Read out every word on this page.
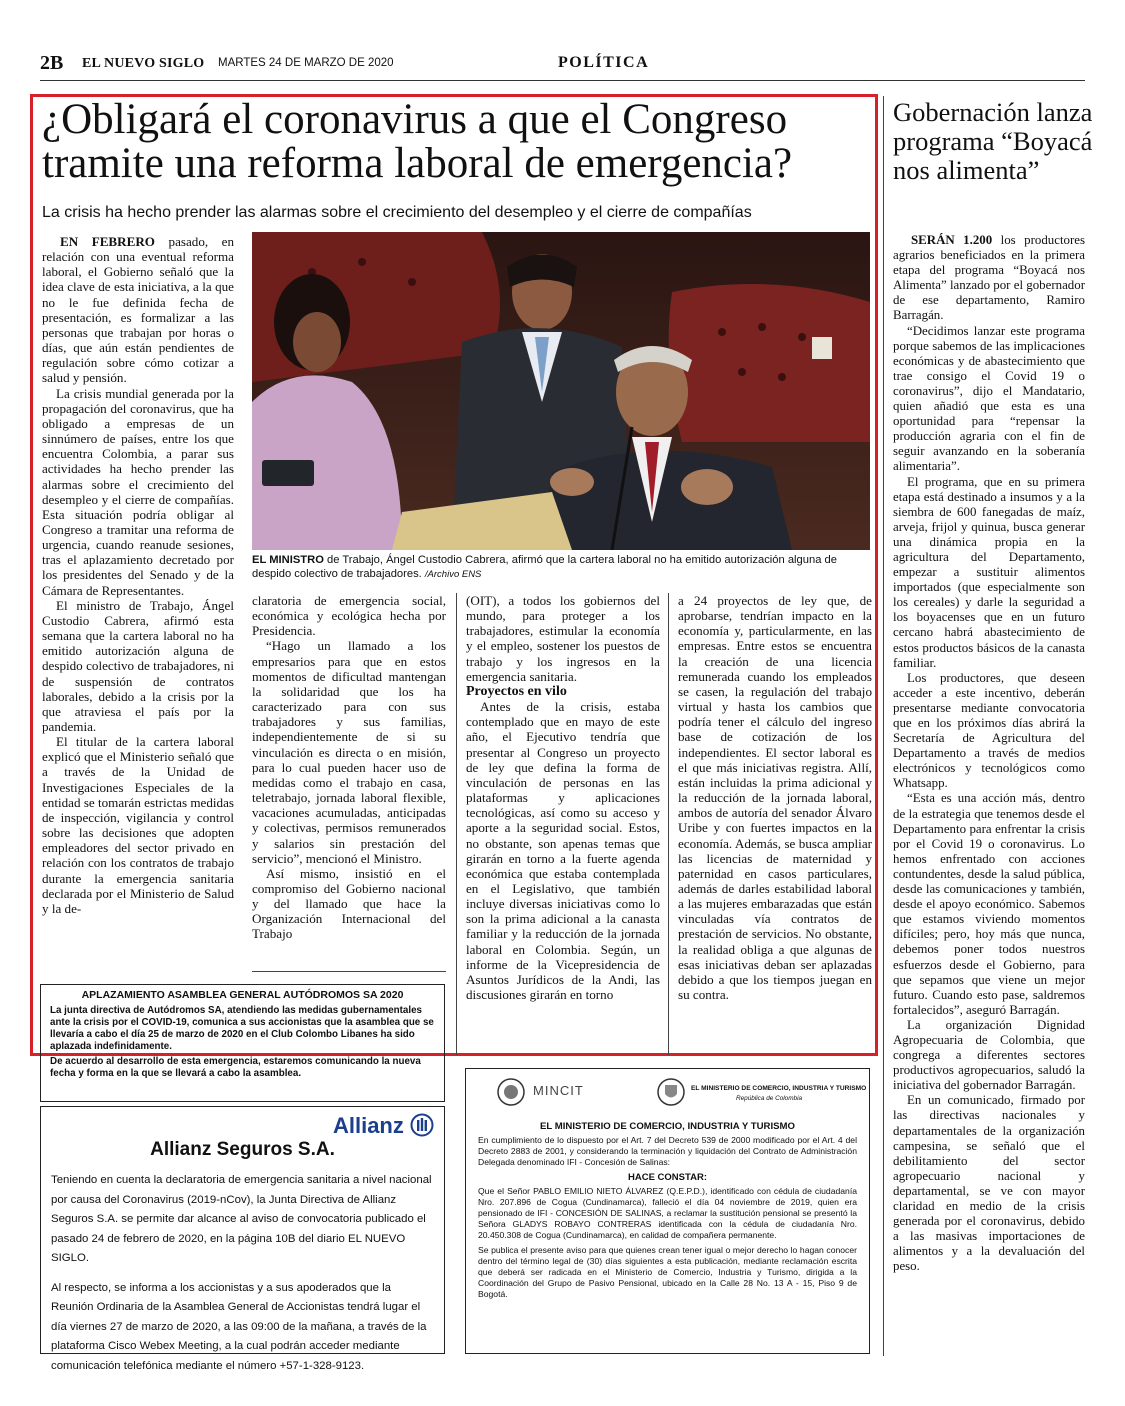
2B EL NUEVO SIGLO MARTES 24 DE MARZO DE 2020	POLÍTICA
¿Obligará el coronavirus a que el Congreso tramite una reforma laboral de emergencia?
La crisis ha hecho prender las alarmas sobre el crecimiento del desempleo y el cierre de compañías

EN FEBRERO pasado, en relación con una eventual reforma laboral, el Gobierno señaló que la idea clave de esta iniciativa, a la que no le fue definida fecha de presentación, es formalizar a las personas que trabajan por horas o días, que aún están pendientes de regulación sobre cómo cotizar a salud y pensión.

La crisis mundial generada por la propagación del coronavirus, que ha obligado a empresas de un sinnúmero de países, entre los que encuentra Colombia, a parar sus actividades ha hecho prender las alarmas sobre el crecimiento del desempleo y el cierre de compañías. Esta situación podría obligar al Congreso a tramitar una reforma de urgencia, cuando reanude sesiones, tras el aplazamiento decretado por los presidentes del Senado y de la Cámara de Representantes.

El ministro de Trabajo, Ángel Custodio Cabrera, afirmó esta semana que la cartera laboral no ha emitido autorización alguna de despido colectivo de trabajadores, ni de suspensión de contratos laborales, debido a la crisis por la que atraviesa el país por la pandemia.

El titular de la cartera laboral explicó que el Ministerio señaló que a través de la Unidad de Investigaciones Especiales de la entidad se tomarán estrictas medidas de inspección, vigilancia y control sobre las decisiones que adopten empleadores del sector privado en relación con los contratos de trabajo durante la emergencia sanitaria declarada por el Ministerio de Salud y la de-

EL MINISTRO de Trabajo, Ángel Custodio Cabrera, afirmó que la cartera laboral no ha emitido autorización alguna de despido colectivo de trabajadores. /Archivo ENS

claratoria de emergencia social, económica y ecológica hecha por Presidencia.

“Hago un llamado a los empresarios para que en estos momentos de dificultad mantengan la solidaridad que los ha caracterizado para con sus trabajadores y sus familias, independientemente de si su vinculación es directa o en misión, para lo cual pueden hacer uso de medidas como el trabajo en casa, teletrabajo, jornada laboral flexible, vacaciones acumuladas, anticipadas y colectivas, permisos remunerados y salarios sin prestación del servicio”, mencionó el Ministro.

Así mismo, insistió en el compromiso del Gobierno nacional y del llamado que hace la Organización Internacional del Trabajo

(OIT), a todos los gobiernos del mundo, para proteger a los trabajadores, estimular la economía y el empleo, sostener los puestos de trabajo y los ingresos en la emergencia sanitaria.

Proyectos en vilo

Antes de la crisis, estaba contemplado que en mayo de este año, el Ejecutivo tendría que presentar al Congreso un proyecto de ley que defina la forma de vinculación de personas en las plataformas y aplicaciones tecnológicas, así como su acceso y aporte a la seguridad social. Estos, no obstante, son apenas temas que girarán en torno a la fuerte agenda económica que estaba contemplada en el Legislativo, que también incluye diversas iniciativas como lo son la prima adicional a la canasta familiar y la reducción de la jornada laboral en Colombia. Según, un informe de la Vicepresidencia de Asuntos Jurídicos de la Andi, las discusiones girarán en torno

a 24 proyectos de ley que, de aprobarse, tendrían impacto en la economía y, particularmente, en las empresas. Entre estos se encuentra la creación de una licencia remunerada cuando los empleados se casen, la regulación del trabajo virtual y hasta los cambios que podría tener el cálculo del ingreso base de cotización de los independientes. El sector laboral es el que más iniciativas registra. Allí, están incluidas la prima adicional y la reducción de la jornada laboral, ambos de autoría del senador Álvaro Uribe y con fuertes impactos en la economía. Además, se busca ampliar las licencias de maternidad y paternidad en casos particulares, además de darles estabilidad laboral a las mujeres embarazadas que están vinculadas vía contratos de prestación de servicios. No obstante, la realidad obliga a que algunas de esas iniciativas deban ser aplazadas debido a que los tiempos juegan en su contra.

Gobernación lanza programa “Boyacá nos alimenta”

SERÁN 1.200 los productores agrarios beneficiados en la primera etapa del programa “Boyacá nos Alimenta” lanzado por el gobernador de ese departamento, Ramiro Barragán.

“Decidimos lanzar este programa porque sabemos de las implicaciones económicas y de abastecimiento que trae consigo el Covid 19 o coronavirus”, dijo el Mandatario, quien añadió que esta es una oportunidad para “repensar la producción agraria con el fin de seguir avanzando en la soberanía alimentaria”.

El programa, que en su primera etapa está destinado a insumos y a la siembra de 600 fanegadas de maíz, arveja, frijol y quinua, busca generar una dinámica propia en la agricultura del Departamento, empezar a sustituir alimentos importados (que especialmente son los cereales) y darle la seguridad a los boyacenses que en un futuro cercano habrá abastecimiento de estos productos básicos de la canasta familiar.

Los productores, que deseen acceder a este incentivo, deberán presentarse mediante convocatoria que en los próximos días abrirá la Secretaría de Agricultura del Departamento a través de medios electrónicos y tecnológicos como Whatsapp.

“Esta es una acción más, dentro de la estrategia que tenemos desde el Departamento para enfrentar la crisis por el Covid 19 o coronavirus. Lo hemos enfrentado con acciones contundentes, desde la salud pública, desde las comunicaciones y también, desde el apoyo económico. Sabemos que estamos viviendo momentos difíciles; pero, hoy más que nunca, debemos poner todos nuestros esfuerzos desde el Gobierno, para que sepamos que viene un mejor futuro. Cuando esto pase, saldremos fortalecidos”, aseguró Barragán.

La organización Dignidad Agropecuaria de Colombia, que congrega a diferentes sectores productivos agropecuarios, saludó la iniciativa del gobernador Barragán.

En un comunicado, firmado por las directivas nacionales y departamentales de la organización campesina, se señaló que el debilitamiento del sector agropecuario nacional y departamental, se ve con mayor claridad en medio de la crisis generada por el coronavirus, debido a las masivas importaciones de alimentos y a la devaluación del peso.

APLAZAMIENTO ASAMBLEA GENERAL AUTÓDROMOS SA 2020

La junta directiva de Autódromos SA, atendiendo las medidas gubernamentales ante la crisis por el COVID-19, comunica a sus accionistas que la asamblea que se llevaría a cabo el día 25 de marzo de 2020 en el Club Colombo Libanes ha sido aplazada indefinidamente.

De acuerdo al desarrollo de esta emergencia, estaremos comunicando la nueva fecha y forma en la que se llevará a cabo la asamblea.

Allianz
Allianz Seguros S.A.

Teniendo en cuenta la declaratoria de emergencia sanitaria a nivel nacional por causa del Coronavirus (2019-nCov), la Junta Directiva de Allianz Seguros S.A. se permite dar alcance al aviso de convocatoria publicado el pasado 24 de febrero de 2020, en la página 10B del diario EL NUEVO SIGLO.

Al respecto, se informa a los accionistas y a sus apoderados que la Reunión Ordinaria de la Asamblea General de Accionistas tendrá lugar el día viernes 27 de marzo de 2020, a las 09:00 de la mañana, a través de la plataforma Cisco Webex Meeting, a la cual podrán acceder mediante comunicación telefónica mediante el número +57-1-328-9123.

MINCIT	EL MINISTERIO DE COMERCIO, INDUSTRIA Y TURISMO
República de Colombia
EL MINISTERIO DE COMERCIO, INDUSTRIA Y TURISMO

En cumplimiento de lo dispuesto por el Art. 7 del Decreto 539 de 2000 modificado por el Art. 4 del Decreto 2883 de 2001, y considerando la terminación y liquidación del Contrato de Administración Delegada denominado IFI - Concesión de Salinas:

HACE CONSTAR:

Que el Señor PABLO EMILIO NIETO ÁLVAREZ (Q.E.P.D.), identificado con cédula de ciudadanía Nro. 207.896 de Cogua (Cundinamarca), falleció el día 04 noviembre de 2019, quien era pensionado de IFI - CONCESIÓN DE SALINAS, a reclamar la sustitución pensional se presentó la Señora GLADYS ROBAYO CONTRERAS identificada con la cédula de ciudadanía Nro. 20.450.308 de Cogua (Cundinamarca), en calidad de compañera permanente.

Se publica el presente aviso para que quienes crean tener igual o mejor derecho lo hagan conocer dentro del término legal de (30) días siguientes a esta publicación, mediante reclamación escrita que deberá ser radicada en el Ministerio de Comercio, Industria y Turismo, dirigida a la Coordinación del Grupo de Pasivo Pensional, ubicado en la Calle 28 No. 13 A - 15, Piso 9 de Bogotá.
